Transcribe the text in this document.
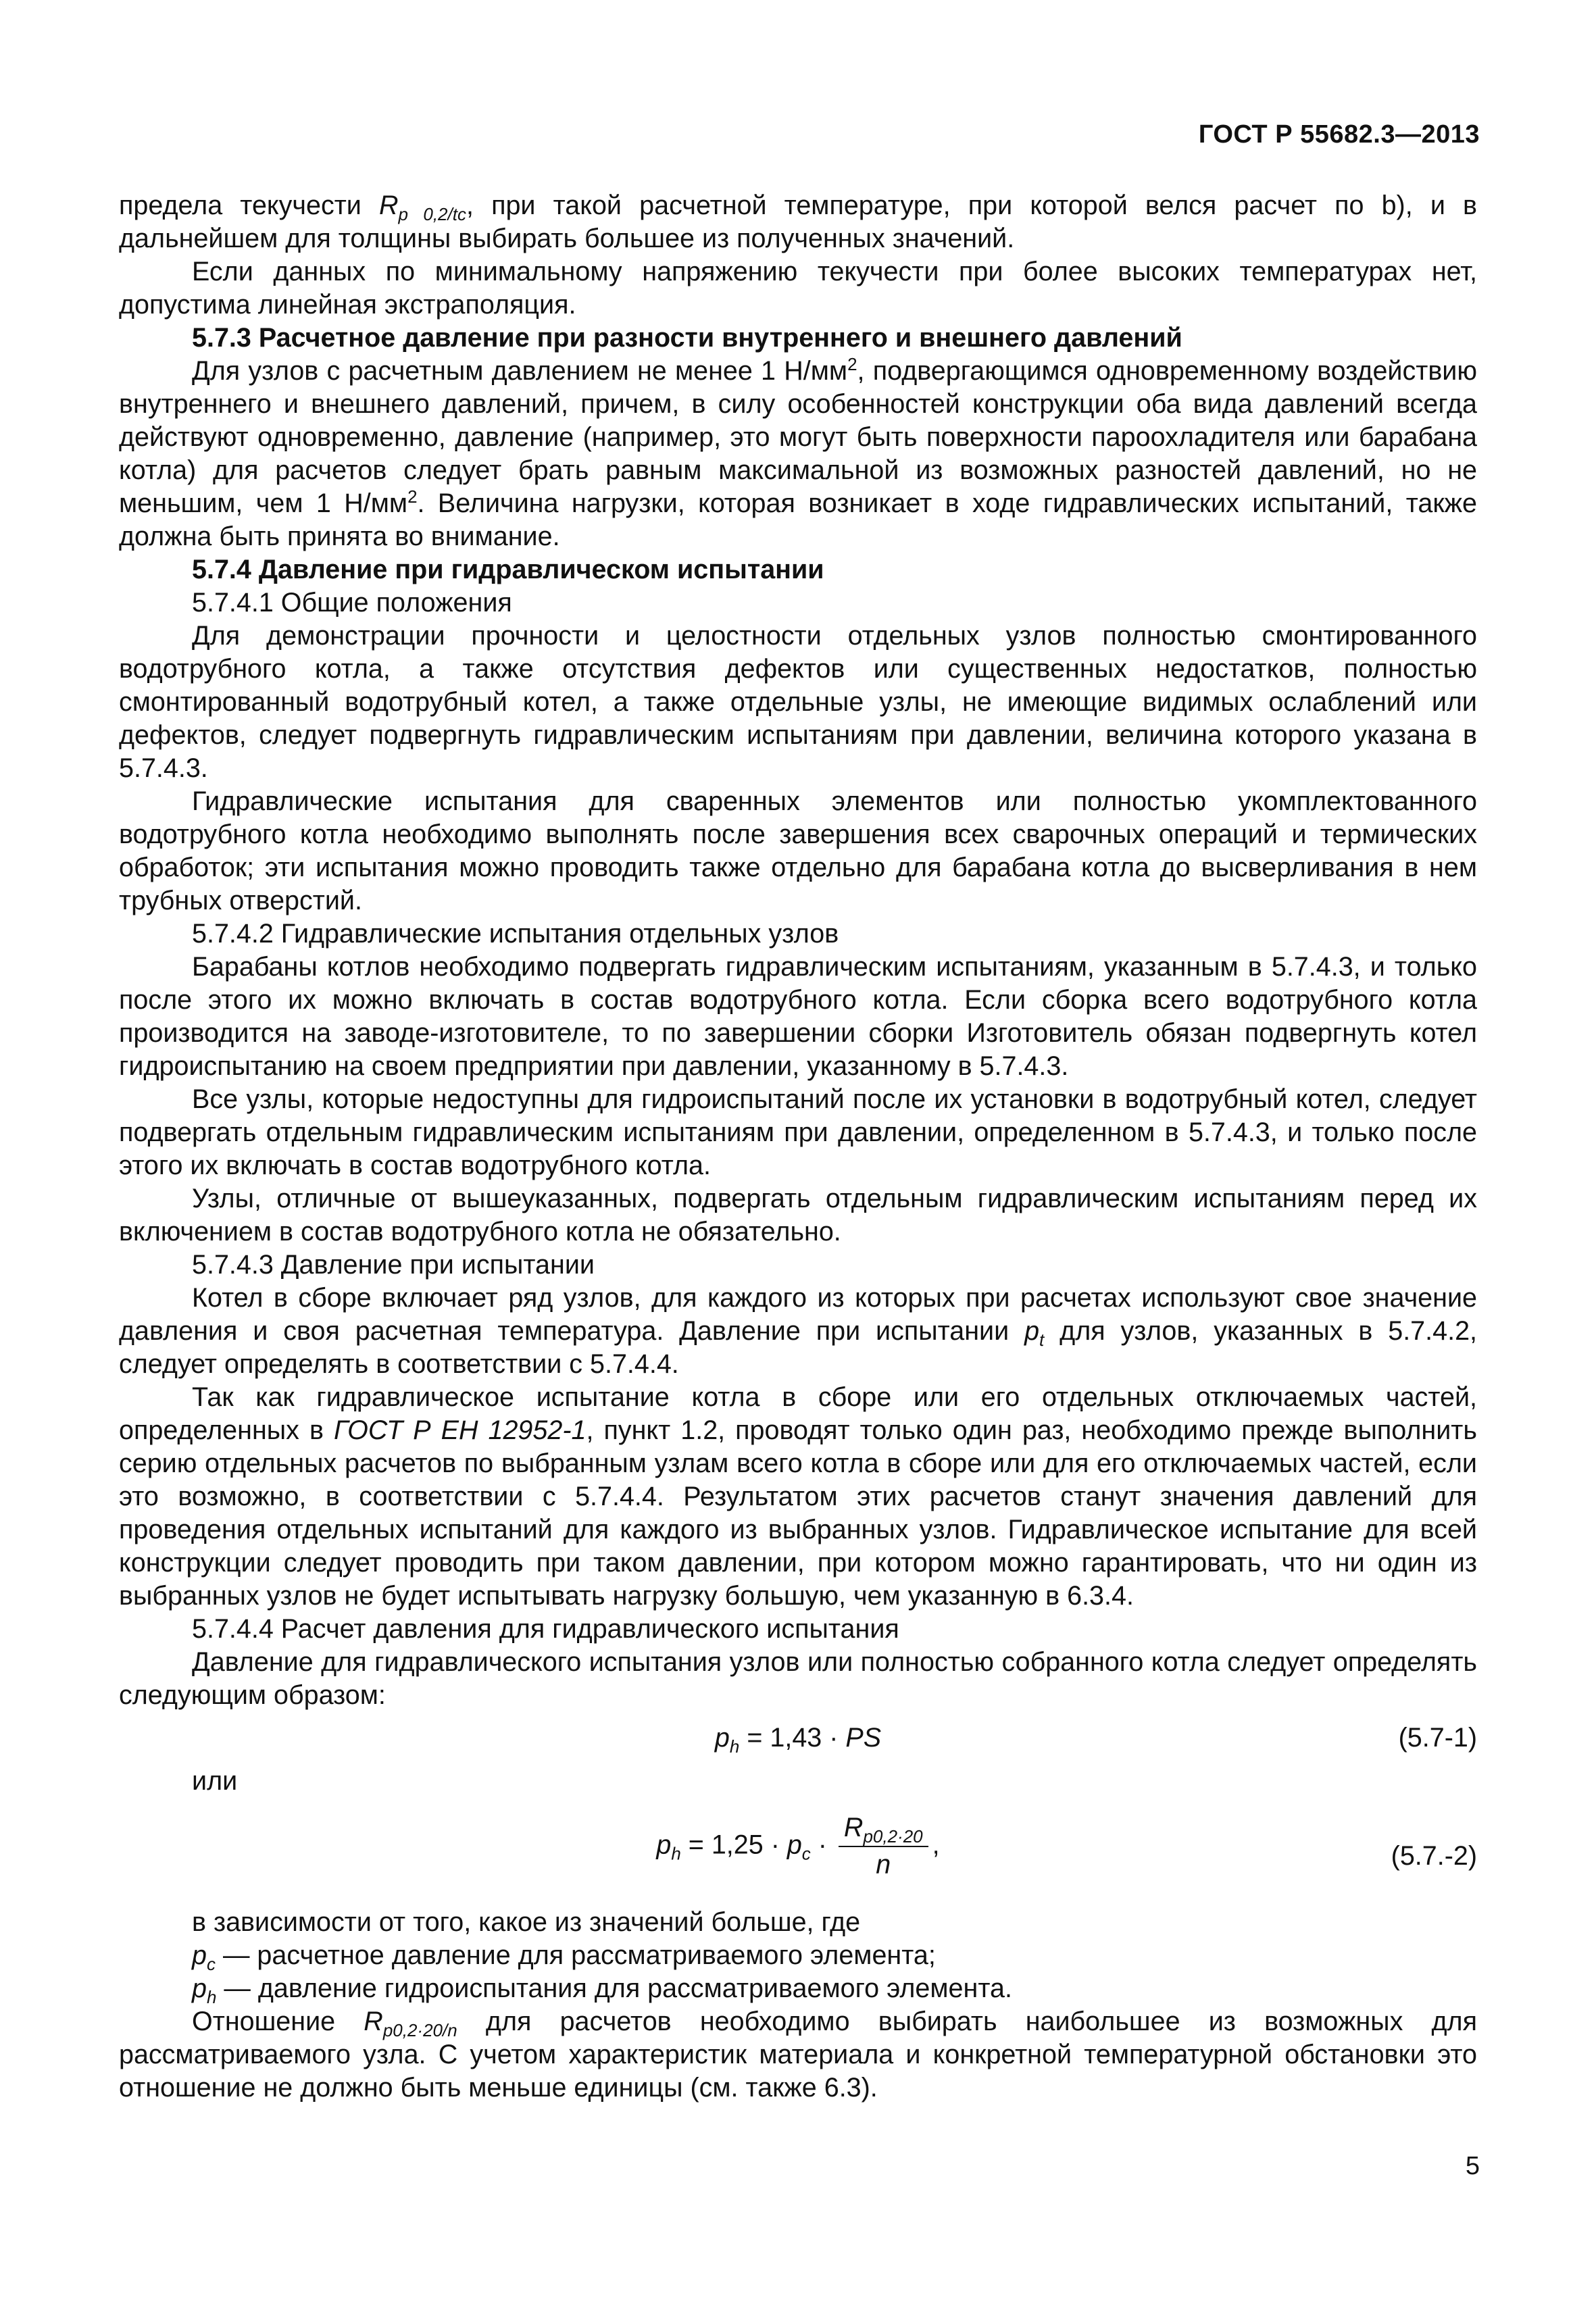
ГОСТ Р 55682.3—2013

предела текучести $R_{p 0,2/tc}$, при такой расчетной температуре, при которой велся расчет по b), и в дальнейшем для толщины выбирать большее из полученных значений.

Если данных по минимальному напряжению текучести при более высоких температурах нет, допустима линейная экстраполяция.

5.7.3 Расчетное давление при разности внутреннего и внешнего давлений

Для узлов с расчетным давлением не менее 1 $Н/мм^2$, подвергающимся одновременному воздействию внутреннего и внешнего давлений, причем, в силу особенностей конструкции оба вида давлений всегда действуют одновременно, давление (например, это могут быть поверхности пароохладителя или барабана котла) для расчетов следует брать равным максимальной из возможных разностей давлений, но не меньшим, чем 1 $Н/мм^2$. Величина нагрузки, которая возникает в ходе гидравлических испытаний, также должна быть принята во внимание.

5.7.4 Давление при гидравлическом испытании

5.7.4.1 Общие положения

Для демонстрации прочности и целостности отдельных узлов полностью смонтированного водотрубного котла, а также отсутствия дефектов или существенных недостатков, полностью смонтированный водотрубный котел, а также отдельные узлы, не имеющие видимых ослаблений или дефектов, следует подвергнуть гидравлическим испытаниям при давлении, величина которого указана в 5.7.4.3.

Гидравлические испытания для сваренных элементов или полностью укомплектованного водотрубного котла необходимо выполнять после завершения всех сварочных операций и термических обработок; эти испытания можно проводить также отдельно для барабана котла до высверливания в нем трубных отверстий.

5.7.4.2 Гидравлические испытания отдельных узлов

Барабаны котлов необходимо подвергать гидравлическим испытаниям, указанным в 5.7.4.3, и только после этого их можно включать в состав водотрубного котла. Если сборка всего водотрубного котла производится на заводе-изготовителе, то по завершении сборки Изготовитель обязан подвергнуть котел гидроиспытанию на своем предприятии при давлении, указанному в 5.7.4.3.

Все узлы, которые недоступны для гидроиспытаний после их установки в водотрубный котел, следует подвергать отдельным гидравлическим испытаниям при давлении, определенном в 5.7.4.3, и только после этого их включать в состав водотрубного котла.

Узлы, отличные от вышеуказанных, подвергать отдельным гидравлическим испытаниям перед их включением в состав водотрубного котла не обязательно.

5.7.4.3 Давление при испытании

Котел в сборе включает ряд узлов, для каждого из которых при расчетах используют свое значение давления и своя расчетная температура. Давление при испытании $p_t$ для узлов, указанных в 5.7.4.2, следует определять в соответствии с 5.7.4.4.

Так как гидравлическое испытание котла в сборе или его отдельных отключаемых частей, определенных в ГОСТ Р ЕН 12952-1, пункт 1.2, проводят только один раз, необходимо прежде выполнить серию отдельных расчетов по выбранным узлам всего котла в сборе или для его отключаемых частей, если это возможно, в соответствии с 5.7.4.4. Результатом этих расчетов станут значения давлений для проведения отдельных испытаний для каждого из выбранных узлов. Гидравлическое испытание для всей конструкции следует проводить при таком давлении, при котором можно гарантировать, что ни один из выбранных узлов не будет испытывать нагрузку большую, чем указанную в 6.3.4.

5.7.4.4 Расчет давления для гидравлического испытания

Давление для гидравлического испытания узлов или полностью собранного котла следует определять следующим образом:

$p_h = 1,43$ · PS	(5.7-1)

или

$p_h = 1,25 \cdot p_c \cdot \frac{R_{p0,2\cdot 20}}{n}$ ,	(5.7.-2)

в зависимости от того, какое из значений больше, где

$p_c$ — расчетное давление для рассматриваемого элемента;

$p_h$ — давление гидроиспытания для рассматриваемого элемента.

Отношение $R_{p0,2\cdot 20/n}$ для расчетов необходимо выбирать наибольшее из возможных для рассматриваемого узла. С учетом характеристик материала и конкретной температурной обстановки это отношение не должно быть меньше единицы (см. также 6.3).

5
